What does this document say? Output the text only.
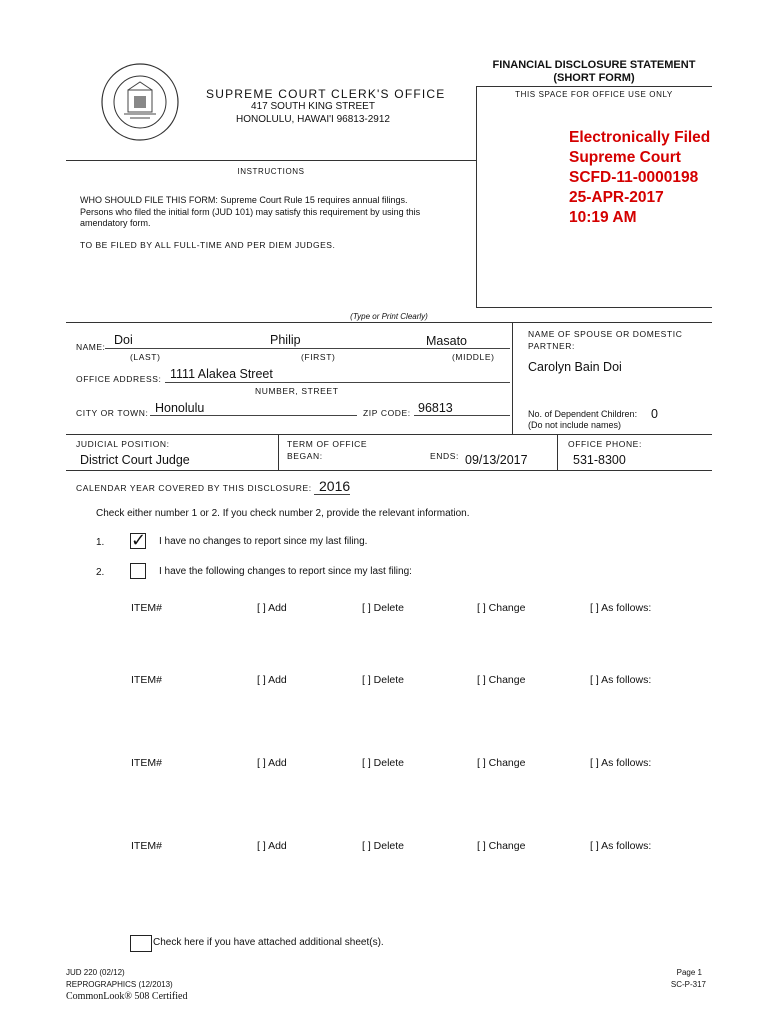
FINANCIAL DISCLOSURE STATEMENT
(SHORT FORM)
THIS SPACE FOR OFFICE USE ONLY
SUPREME COURT CLERK'S OFFICE
417 SOUTH KING STREET
HONOLULU, HAWAI'I 96813-2912
Electronically Filed
Supreme Court
SCFD-11-0000198
25-APR-2017
10:19 AM
INSTRUCTIONS
WHO SHOULD FILE THIS FORM: Supreme Court Rule 15 requires annual filings.
Persons who filed the initial form (JUD 101) may satisfy this requirement by using this
amendatory form.
TO BE FILED BY ALL FULL-TIME AND PER DIEM JUDGES.
(Type or Print Clearly)
NAME: Doi	Philip	Masato
(LAST)	(FIRST)	(MIDDLE)
NAME OF SPOUSE OR DOMESTIC
PARTNER:
Carolyn Bain Doi
OFFICE ADDRESS: 1111 Alakea Street
NUMBER, STREET
CITY OR TOWN: Honolulu	ZIP CODE: 96813	No. of Dependent Children: 0
(Do not include names)
JUDICIAL POSITION:
District Court Judge
TERM OF OFFICE
BEGAN:	ENDS: 09/13/2017
OFFICE PHONE:
531-8300
CALENDAR YEAR COVERED BY THIS DISCLOSURE: 2016
Check either number 1 or 2. If you check number 2, provide the relevant information.
1. ✓ I have no changes to report since my last filing.
2.	I have the following changes to report since my last filing:
ITEM#	[ ] Add	[ ] Delete	[ ] Change	[ ] As follows:
ITEM#	[ ] Add	[ ] Delete	[ ] Change	[ ] As follows:
ITEM#	[ ] Add	[ ] Delete	[ ] Change	[ ] As follows:
ITEM#	[ ] Add	[ ] Delete	[ ] Change	[ ] As follows:
Check here if you have attached additional sheet(s).
JUD 220 (02/12)
REPROGRAPHICS (12/2013)
CommonLook® 508 Certified
Page 1
SC-P-317
